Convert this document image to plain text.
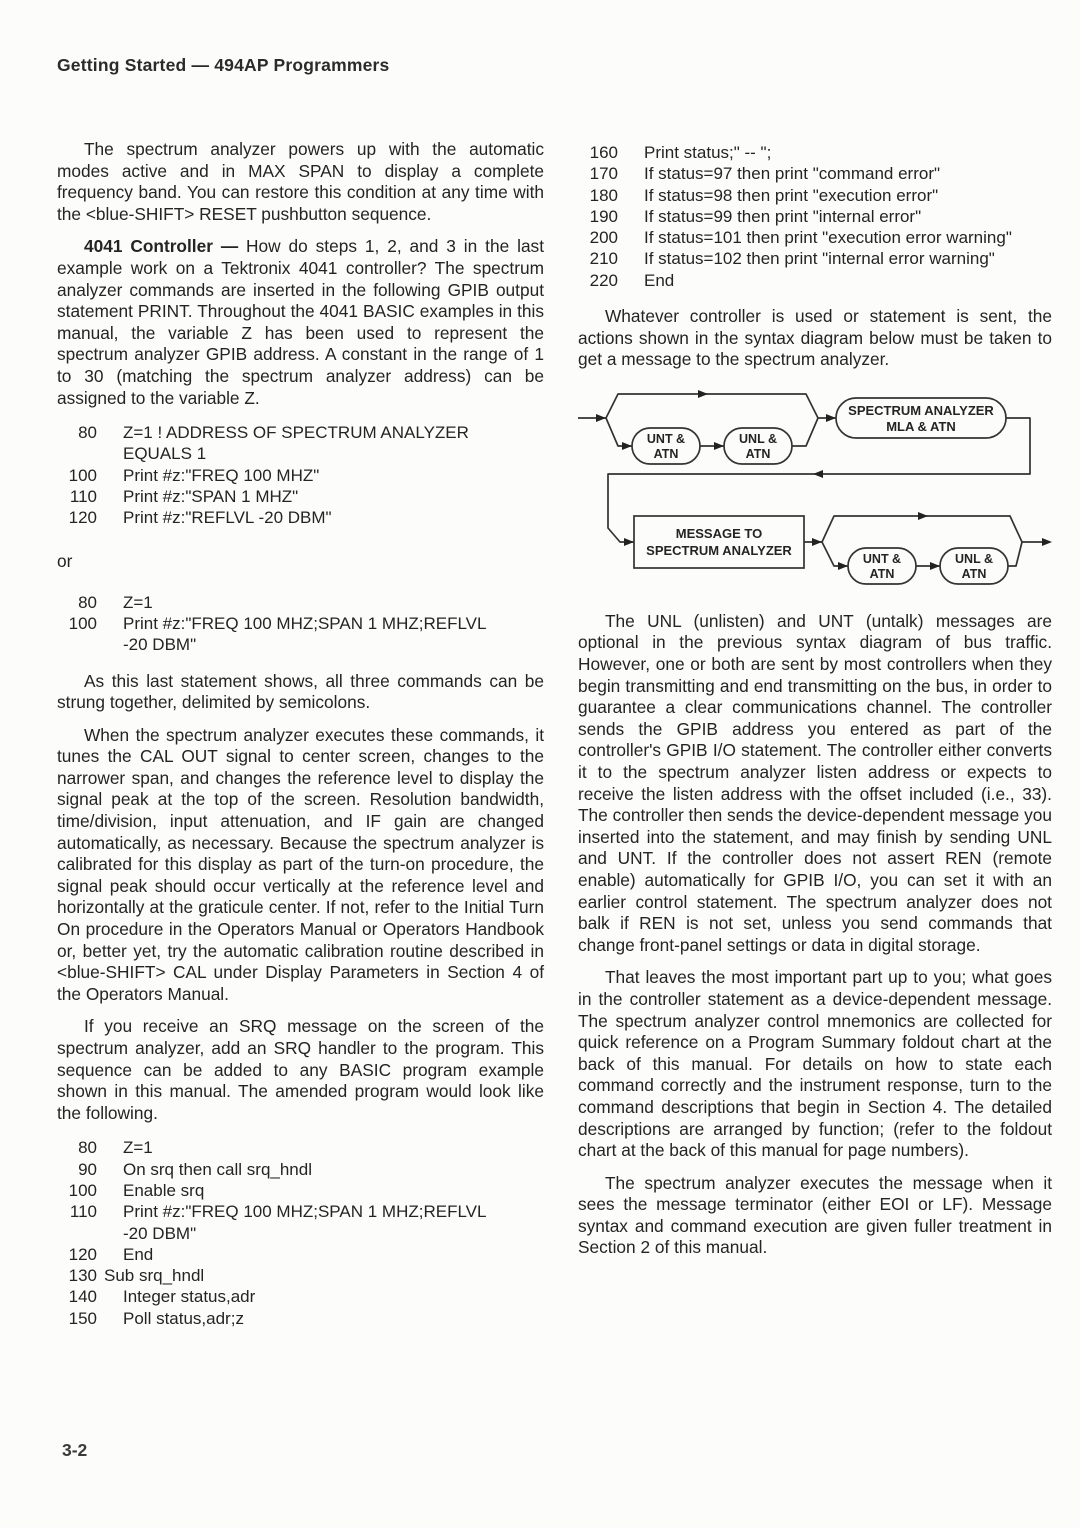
Getting Started — 494AP Programmers

The spectrum analyzer powers up with the automatic modes active and in MAX SPAN to display a complete frequency band. You can restore this condition at any time with the <blue-SHIFT> RESET pushbutton sequence.

4041 Controller — How do steps 1, 2, and 3 in the last example work on a Tektronix 4041 controller? The spectrum analyzer commands are inserted in the following GPIB output statement PRINT. Throughout the 4041 BASIC examples in this manual, the variable Z has been used to represent the spectrum analyzer GPIB address. A constant in the range of 1 to 30 (matching the spectrum analyzer address) can be assigned to the variable Z.

80 Z=1 ! ADDRESS OF SPECTRUM ANALYZER
EQUALS 1
100 Print #z:"FREQ 100 MHZ"
110 Print #z:"SPAN 1 MHZ"
120 Print #z:"REFLVL -20 DBM"
or
80 Z=1
100 Print #z:"FREQ 100 MHZ;SPAN 1 MHZ;REFLVL
-20 DBM"

As this last statement shows, all three commands can be strung together, delimited by semicolons.

When the spectrum analyzer executes these commands, it tunes the CAL OUT signal to center screen, changes to the narrower span, and changes the reference level to display the signal peak at the top of the screen. Resolution bandwidth, time/division, input attenuation, and IF gain are changed automatically, as necessary. Because the spectrum analyzer is calibrated for this display as part of the turn-on procedure, the signal peak should occur vertically at the reference level and horizontally at the graticule center. If not, refer to the Initial Turn On procedure in the Operators Manual or Operators Handbook or, better yet, try the automatic calibration routine described in <blue-SHIFT> CAL under Display Parameters in Section 4 of the Operators Manual.

If you receive an SRQ message on the screen of the spectrum analyzer, add an SRQ handler to the program. This sequence can be added to any BASIC program example shown in this manual. The amended program would look like the following.

80 Z=1
90 On srq then call srq_hndl
100 Enable srq
110 Print #z:"FREQ 100 MHZ;SPAN 1 MHZ;REFLVL
-20 DBM"
120 End
130 Sub srq_hndl
140 Integer status,adr
150 Poll status,adr;z
160 Print status;" -- ";
170 If status=97 then print "command error"
180 If status=98 then print "execution error"
190 If status=99 then print "internal error"
200 If status=101 then print "execution error warning"
210 If status=102 then print "internal error warning"
220 End

Whatever controller is used or statement is sent, the actions shown in the syntax diagram below must be taken to get a message to the spectrum analyzer.

UNT &
ATN
UNL &
ATN
SPECTRUM ANALYZER
MLA & ATN
MESSAGE TO
SPECTRUM ANALYZER
UNT &
ATN
UNL &
ATN

The UNL (unlisten) and UNT (untalk) messages are optional in the previous syntax diagram of bus traffic. However, one or both are sent by most controllers when they begin transmitting and end transmitting on the bus, in order to guarantee a clear communications channel. The controller sends the GPIB address you entered as part of the controller's GPIB I/O statement. The controller either converts it to the spectrum analyzer listen address or expects to receive the listen address with the offset included (i.e., 33). The controller then sends the device-dependent message you inserted into the statement, and may finish by sending UNL and UNT. If the controller does not assert REN (remote enable) automatically for GPIB I/O, you can set it with an earlier control statement. The spectrum analyzer does not balk if REN is not set, unless you send commands that change front-panel settings or data in digital storage.

That leaves the most important part up to you; what goes in the controller statement as a device-dependent message. The spectrum analyzer control mnemonics are collected for quick reference on a Program Summary foldout chart at the back of this manual. For details on how to state each command correctly and the instrument response, turn to the command descriptions that begin in Section 4. The detailed descriptions are arranged by function; (refer to the foldout chart at the back of this manual for page numbers).

The spectrum analyzer executes the message when it sees the message terminator (either EOI or LF). Message syntax and command execution are given fuller treatment in Section 2 of this manual.

3-2
